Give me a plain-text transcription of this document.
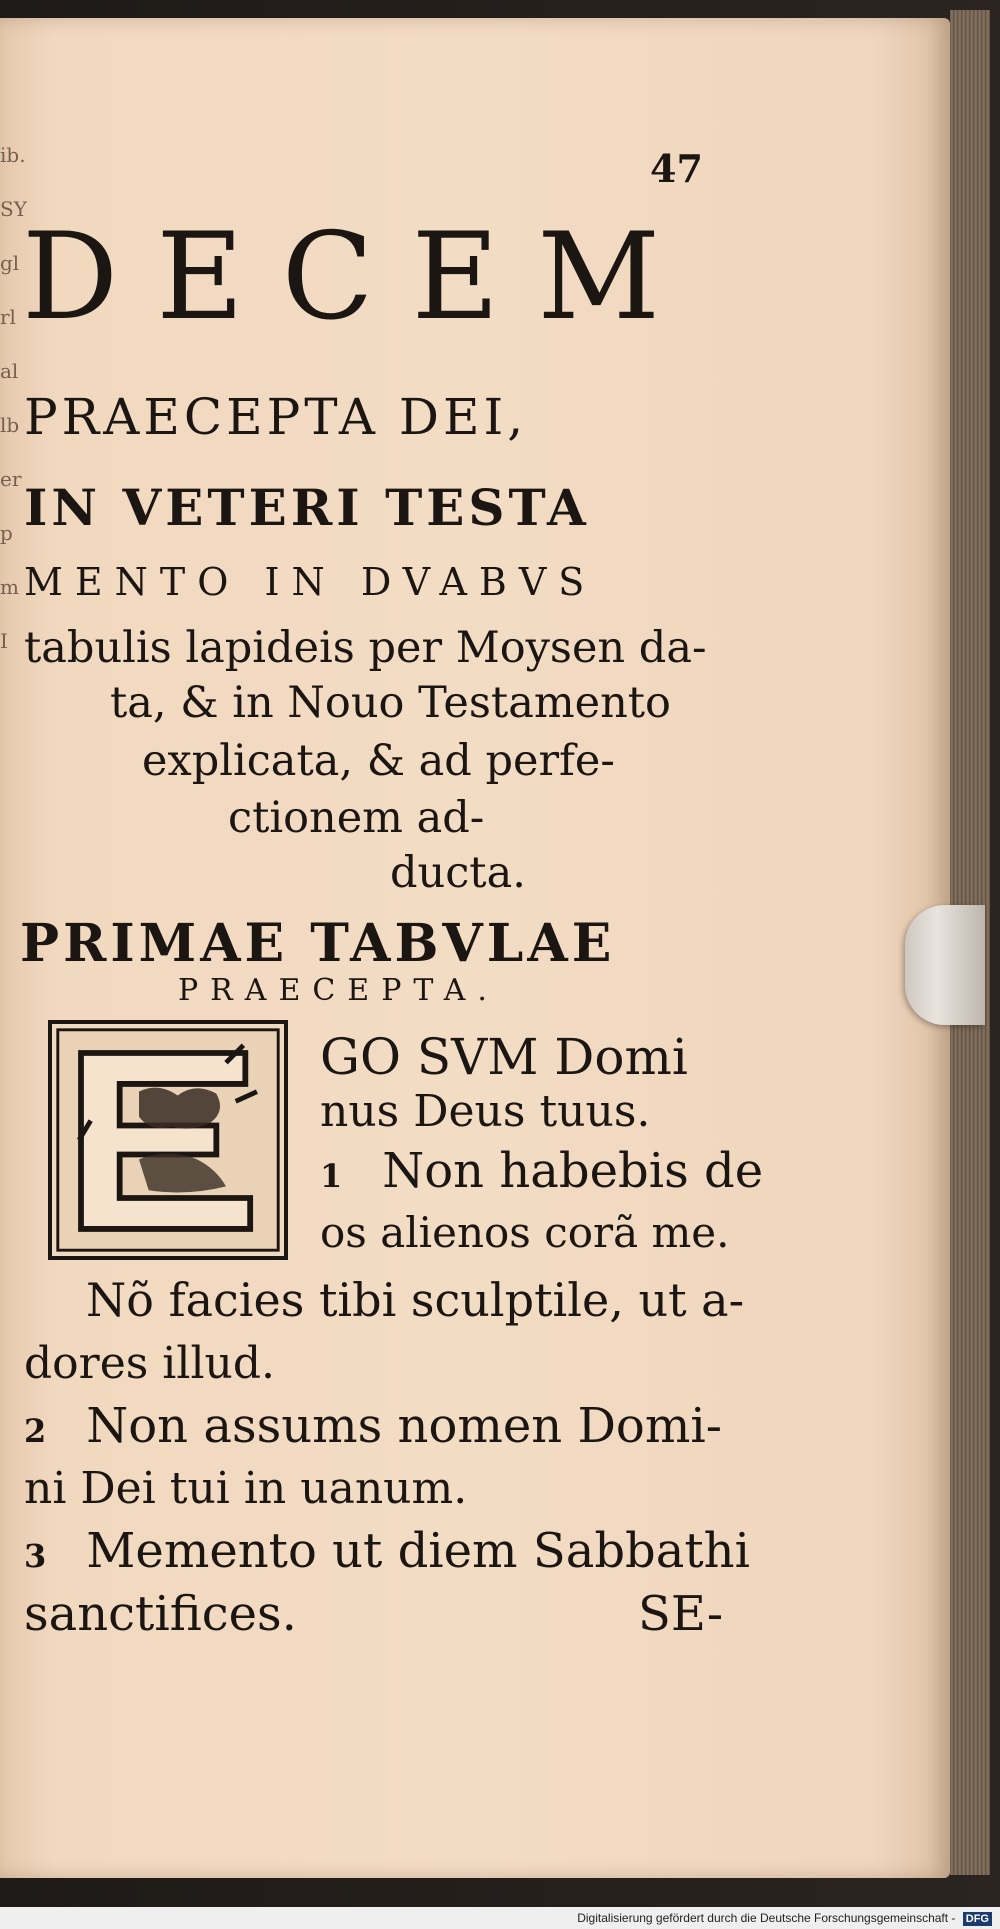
ib.
SY
gl
rl
al
lb
er
p
m
I
47
DECEM
PRAECEPTA DEI,
IN VETERI TESTA
MENTO IN DVABVS
tabulis lapideis per Moysen da-
ta, & in Nouo Testamento
explicata, & ad perfe-
ctionem ad-
ducta.
PRIMAE TABVLAE
PRAECEPTA.
GO SVM Domi
nus Deus tuus.
1 Non habebis de
os alienos corã me.
Nõ facies tibi sculptile, ut a-
dores illud.
2 Non assums nomen Domi-
ni Dei tui in uanum.
3 Memento ut diem Sabbathi
sanctifices.	SE-
Digitalisierung gefördert durch die Deutsche Forschungsgemeinschaft - DFG
